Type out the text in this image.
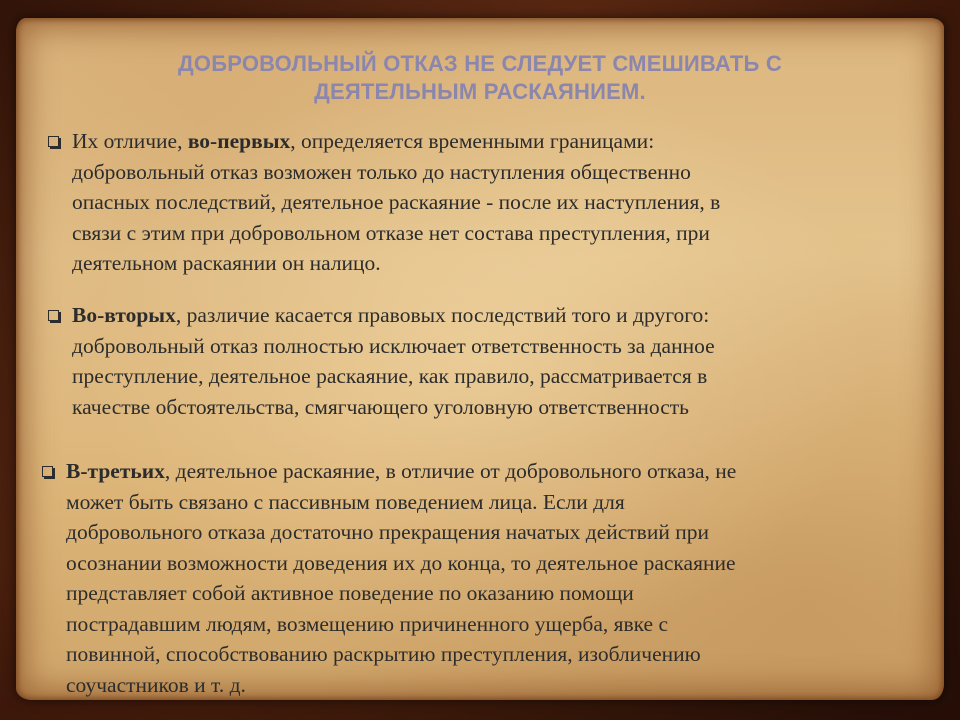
ДОБРОВОЛЬНЫЙ ОТКАЗ НЕ СЛЕДУЕТ СМЕШИВАТЬ С
ДЕЯТЕЛЬНЫМ РАСКАЯНИЕМ.
Их отличие, во-первых, определяется временными границами:
добровольный отказ возможен только до наступления общественно
опасных последствий, деятельное раскаяние - после их наступления, в
связи с этим при добровольном отказе нет состава преступления, при
деятельном раскаянии он налицо.
Во-вторых, различие касается правовых последствий того и другого:
добровольный отказ полностью исключает ответственность за данное
преступление, деятельное раскаяние, как правило, рассматривается в
качестве обстоятельства, смягчающего уголовную ответственность
В-третьих, деятельное раскаяние, в отличие от добровольного отказа, не
может быть связано с пассивным поведением лица. Если для
добровольного отказа достаточно прекращения начатых действий при
осознании возможности доведения их до конца, то деятельное раскаяние
представляет собой активное поведение по оказанию помощи
пострадавшим людям, возмещению причиненного ущерба, явке с
повинной, способствованию раскрытию преступления, изобличению
соучастников и т. д.
